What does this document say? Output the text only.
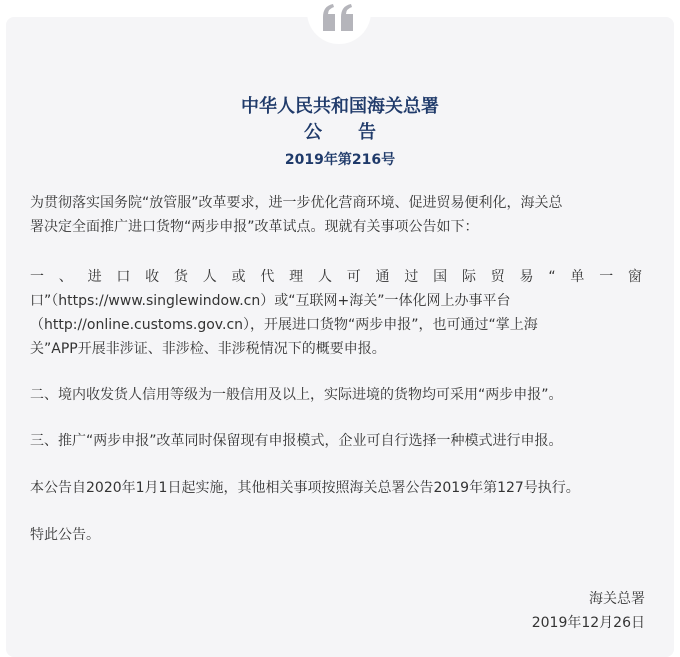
中华人民共和国海关总署
公 告
2019年第216号
为贯彻落实国务院“放管服”改革要求，进一步优化营商环境、促进贸易便利化，海关总
署决定全面推广进口货物“两步申报”改革试点。现就有关事项公告如下：
一、进口收货人或代理人可通过国际贸易“单一窗
口”（https://www.singlewindow.cn）或“互联网+海关”一体化网上办事平台
（http://online.customs.gov.cn），开展进口货物“两步申报”，也可通过“掌上海
关”APP开展非涉证、非涉检、非涉税情况下的概要申报。
二、境内收发货人信用等级为一般信用及以上，实际进境的货物均可采用“两步申报”。
三、推广“两步申报”改革同时保留现有申报模式，企业可自行选择一种模式进行申报。
本公告自2020年1月1日起实施，其他相关事项按照海关总署公告2019年第127号执行。
特此公告。
海关总署
2019年12月26日
